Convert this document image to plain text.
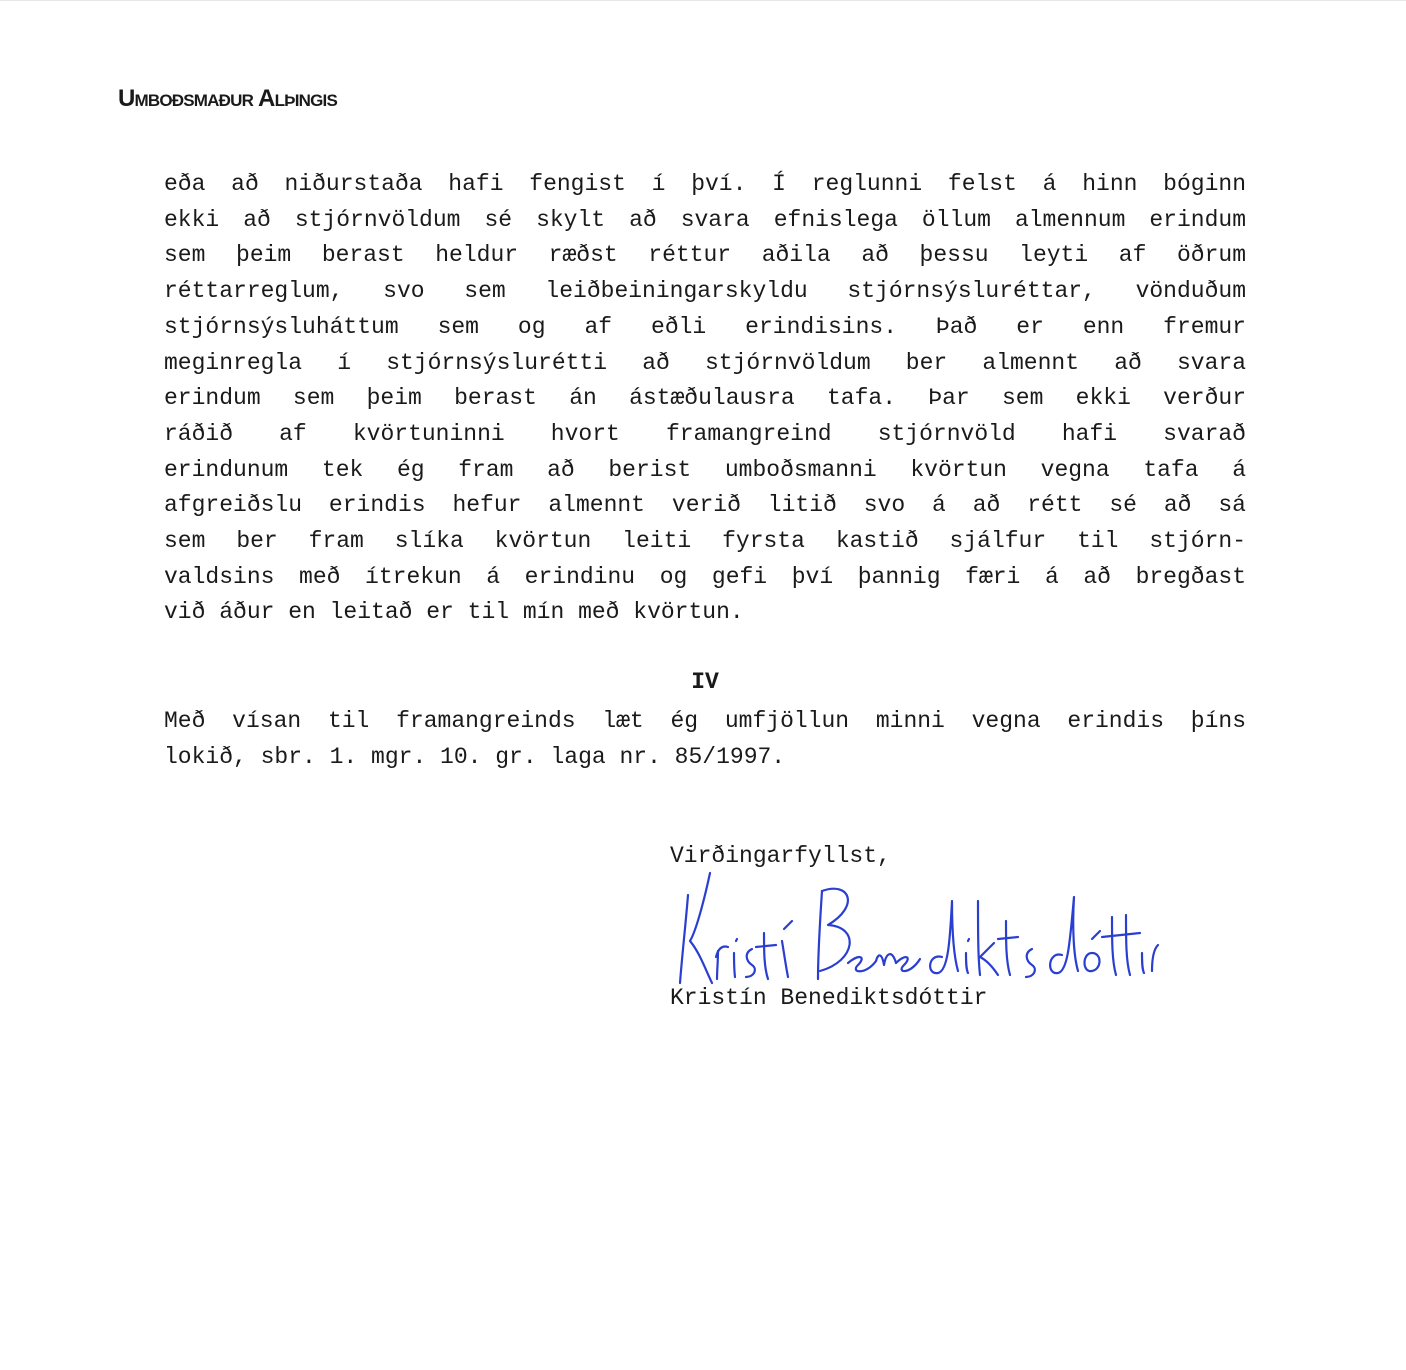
Umboðsmaður Alþingis
eða að niðurstaða hafi fengist í því. Í reglunni felst á hinn bóginn
ekki að stjórnvöldum sé skylt að svara efnislega öllum almennum erindum
sem þeim berast heldur ræðst réttur aðila að þessu leyti af öðrum
réttarreglum, svo sem leiðbeiningarskyldu stjórnsýsluréttar, vönduðum
stjórnsýsluháttum sem og af eðli erindisins. Það er enn fremur
meginregla í stjórnsýslurétti að stjórnvöldum ber almennt að svara
erindum sem þeim berast án ástæðulausra tafa. Þar sem ekki verður
ráðið af kvörtuninni hvort framangreind stjórnvöld hafi svarað
erindunum tek ég fram að berist umboðsmanni kvörtun vegna tafa á
afgreiðslu erindis hefur almennt verið litið svo á að rétt sé að sá
sem ber fram slíka kvörtun leiti fyrsta kastið sjálfur til stjórn-
valdsins með ítrekun á erindinu og gefi því þannig færi á að bregðast
við áður en leitað er til mín með kvörtun.
IV
Með vísan til framangreinds læt ég umfjöllun minni vegna erindis þíns
lokið, sbr. 1. mgr. 10. gr. laga nr. 85/1997.
Virðingarfyllst,
Kristín Benediktsdóttir
